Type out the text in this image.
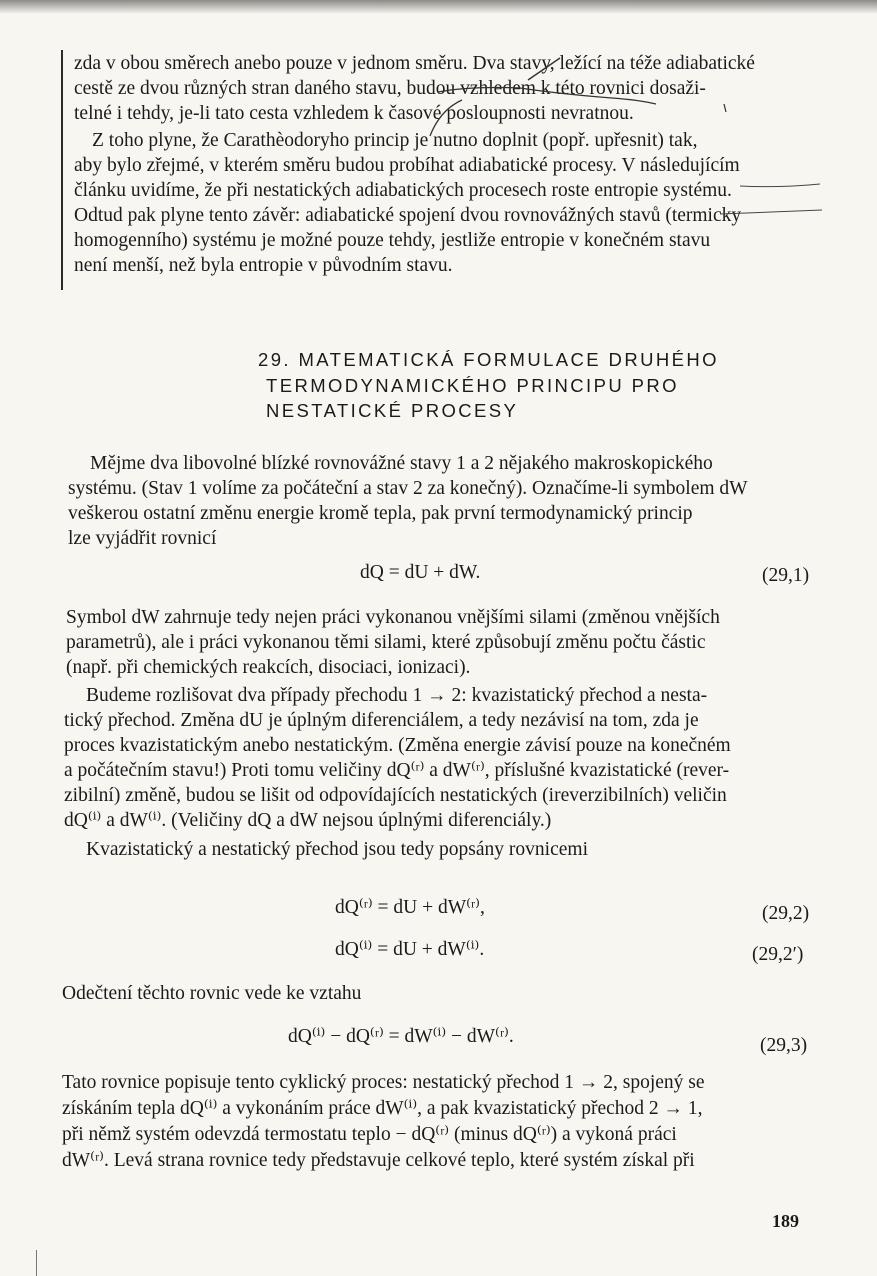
zda v obou směrech anebo pouze v jednom směru. Dva stavy, ležící na téže adiabatické
cestě ze dvou různých stran daného stavu, budou vzhledem k této rovnici dosaži-
telné i tehdy, je-li tato cesta vzhledem k časové posloupnosti nevratnou.
Z toho plyne, že Carathèodoryho princip je nutno doplnit (popř. upřesnit) tak,
aby bylo zřejmé, v kterém směru budou probíhat adiabatické procesy. V následujícím
článku uvidíme, že při nestatických adiabatických procesech roste entropie systému.
Odtud pak plyne tento závěr: adiabatické spojení dvou rovnovážných stavů (termicky
homogenního) systému je možné pouze tehdy, jestliže entropie v konečném stavu
není menší, než byla entropie v původním stavu.
29. MATEMATICKÁ FORMULACE DRUHÉHO
TERMODYNAMICKÉHO PRINCIPU PRO
NESTATICKÉ PROCESY
Mějme dva libovolné blízké rovnovážné stavy 1 a 2 nějakého makroskopického
systému. (Stav 1 volíme za počáteční a stav 2 za konečný). Označíme-li symbolem dW
veškerou ostatní změnu energie kromě tepla, pak první termodynamický princip
lze vyjádřit rovnicí
dQ = dU + dW.	(29,1)
Symbol dW zahrnuje tedy nejen práci vykonanou vnějšími silami (změnou vnějších
parametrů), ale i práci vykonanou těmi silami, které způsobují změnu počtu částic
(např. při chemických reakcích, disociaci, ionizaci).
Budeme rozlišovat dva případy přechodu 1 → 2: kvazistatický přechod a nesta-
tický přechod. Změna dU je úplným diferenciálem, a tedy nezávisí na tom, zda je
proces kvazistatickým anebo nestatickým. (Změna energie závisí pouze na konečném
a počátečním stavu!) Proti tomu veličiny dQ⁽ʳ⁾ a dW⁽ʳ⁾, příslušné kvazistatické (rever-
zibilní) změně, budou se lišit od odpovídajících nestatických (ireverzibilních) veličin
dQ⁽ⁱ⁾ a dW⁽ⁱ⁾. (Veličiny dQ a dW nejsou úplnými diferenciály.)
Kvazistatický a nestatický přechod jsou tedy popsány rovnicemi
dQ⁽ʳ⁾ = dU + dW⁽ʳ⁾,	(29,2)
dQ⁽ⁱ⁾ = dU + dW⁽ⁱ⁾.	(29,2′)
Odečtení těchto rovnic vede ke vztahu
dQ⁽ⁱ⁾ − dQ⁽ʳ⁾ = dW⁽ⁱ⁾ − dW⁽ʳ⁾.	(29,3)
Tato rovnice popisuje tento cyklický proces: nestatický přechod 1 → 2, spojený se
získáním tepla dQ⁽ⁱ⁾ a vykonáním práce dW⁽ⁱ⁾, a pak kvazistatický přechod 2 → 1,
při němž systém odevzdá termostatu teplo − dQ⁽ʳ⁾ (minus dQ⁽ʳ⁾) a vykoná práci
dW⁽ʳ⁾. Levá strana rovnice tedy představuje celkové teplo, které systém získal při
189
